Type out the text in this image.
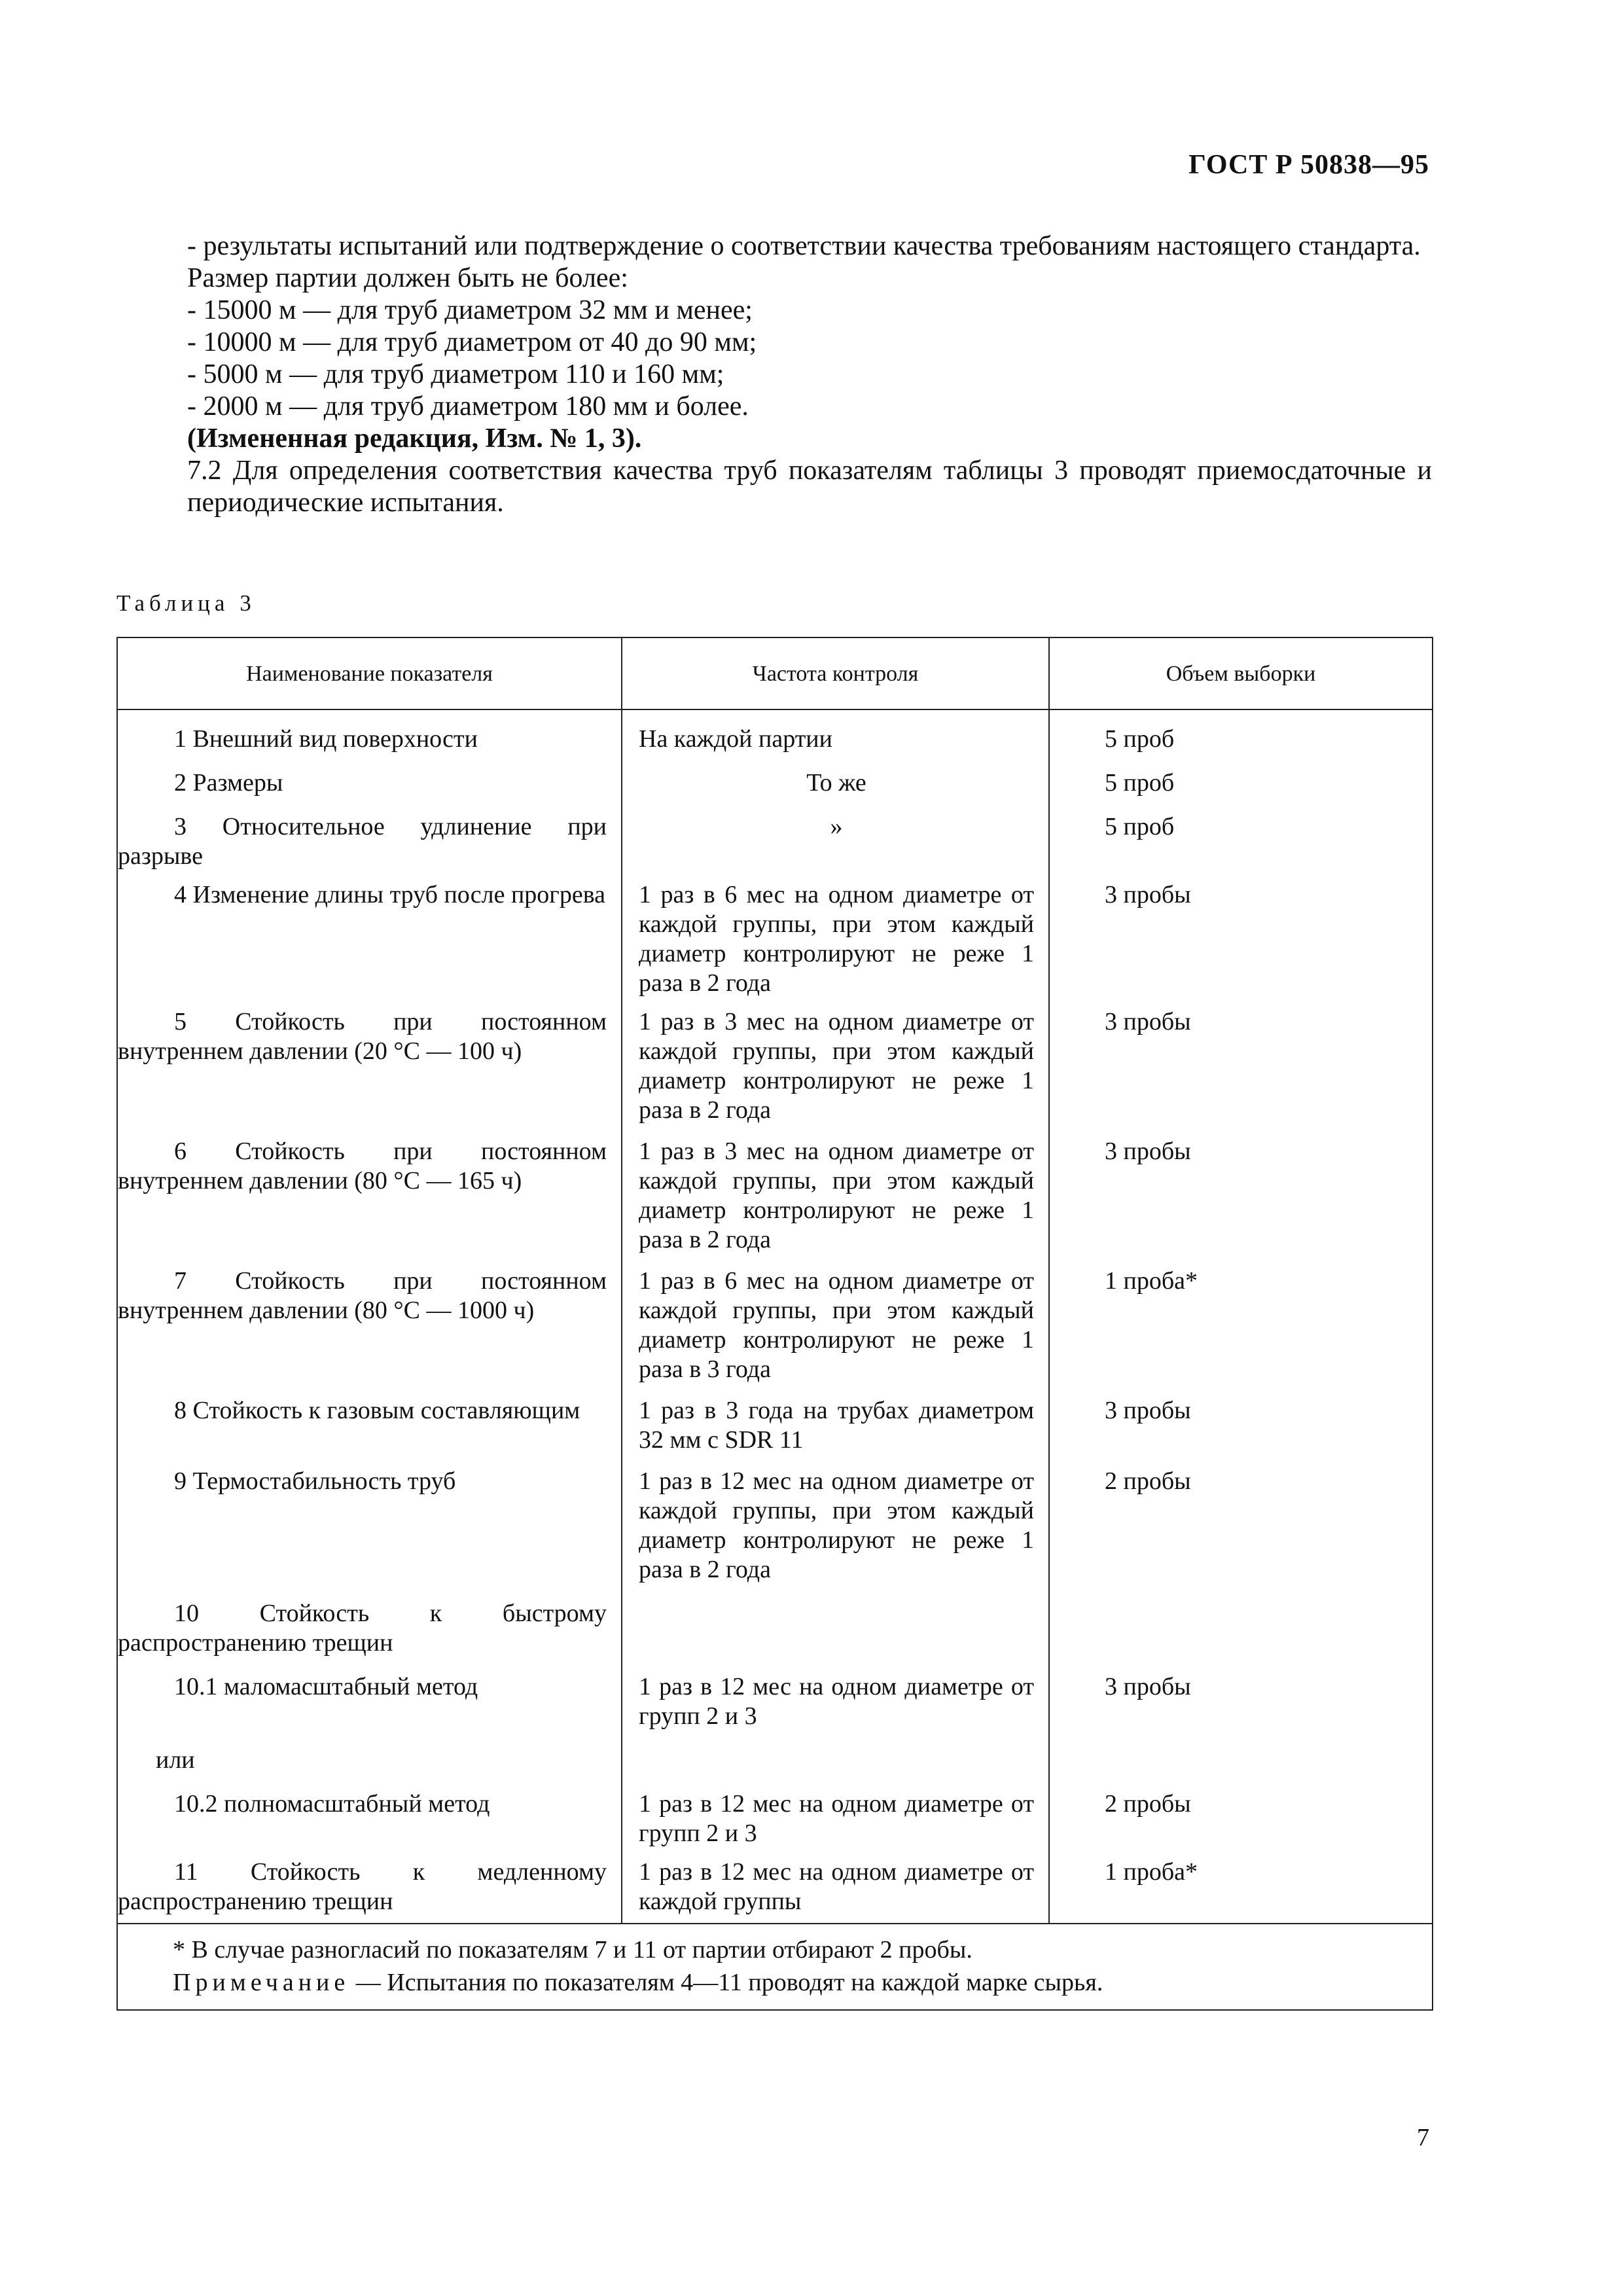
ГОСТ Р 50838—95

- результаты испытаний или подтверждение о соответствии качества требованиям настоящего стандарта.

Размер партии должен быть не более:

- 15000 м — для труб диаметром 32 мм и менее;

- 10000 м — для труб диаметром от 40 до 90 мм;

- 5000 м — для труб диаметром 110 и 160 мм;

- 2000 м — для труб диаметром 180 мм и более.

(Измененная редакция, Изм. № 1, 3).

7.2 Для определения соответствия качества труб показателям таблицы 3 проводят приемосдаточные и периодические испытания.

Таблица 3
Наименование показателя	Частота контроля	Объем выборки

1 Внешний вид поверхности	На каждой партии	5 проб

2 Размеры	То же	5 проб

3 Относительное удлинение при разрыве	»	5 проб

4 Изменение длины труб после прогрева	1 раз в 6 мес на одном диаметре от каждой группы, при этом каждый диаметр контролируют не реже 1 раза в 2 года	3 пробы

5 Стойкость при постоянном внутреннем давлении (20 °С — 100 ч)	1 раз в 3 мес на одном диаметре от каждой группы, при этом каждый диаметр контролируют не реже 1 раза в 2 года	3 пробы

6 Стойкость при постоянном внутреннем давлении (80 °С — 165 ч)	1 раз в 3 мес на одном диаметре от каждой группы, при этом каждый диаметр контролируют не реже 1 раза в 2 года	3 пробы

7 Стойкость при постоянном внутреннем давлении (80 °С — 1000 ч)	1 раз в 6 мес на одном диаметре от каждой группы, при этом каждый диаметр контролируют не реже 1 раза в 3 года	1 проба*

8 Стойкость к газовым составляющим	1 раз в 3 года на трубах диаметром 32 мм с SDR 11	3 пробы

9 Термостабильность труб	1 раз в 12 мес на одном диаметре от каждой группы, при этом каждый диаметр контролируют не реже 1 раза в 2 года	2 пробы

10 Стойкость к быстрому распространению трещин		

10.1 маломасштабный метод	1 раз в 12 мес на одном диаметре от групп 2 и 3	3 пробы

или		

10.2 полномасштабный метод	1 раз в 12 мес на одном диаметре от групп 2 и 3	2 пробы

11 Стойкость к медленному распространению трещин	1 раз в 12 мес на одном диаметре от каждой группы	1 проба*
* В случае разногласий по показателям 7 и 11 от партии отбирают 2 пробы.
Примечание — Испытания по показателям 4—11 проводят на каждой марке сырья.
7
